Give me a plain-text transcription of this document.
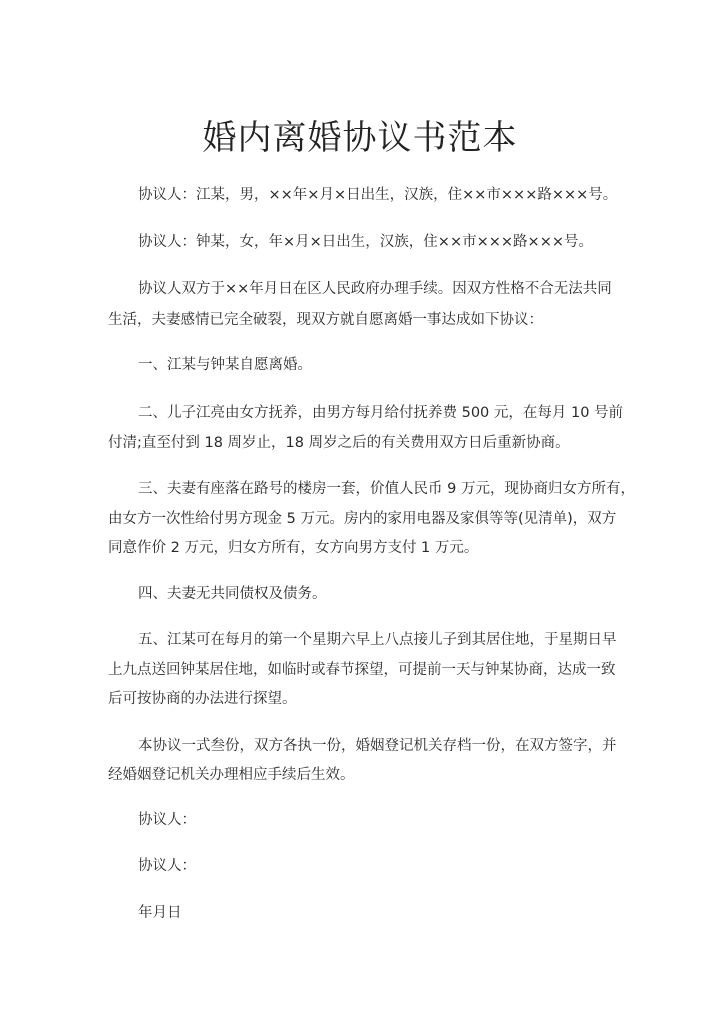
婚内离婚协议书范本
协议人：江某，男，××年×月×日出生，汉族，住××市×××路×××号。
协议人：钟某，女，年×月×日出生，汉族，住××市×××路×××号。
协议人双方于××年月日在区人民政府办理手续。因双方性格不合无法共同
生活，夫妻感情已完全破裂，现双方就自愿离婚一事达成如下协议：
一、江某与钟某自愿离婚。
二、儿子江亮由女方抚养，由男方每月给付抚养费 500 元，在每月 10 号前
付清;直至付到 18 周岁止，18 周岁之后的有关费用双方日后重新协商。
三、夫妻有座落在路号的楼房一套，价值人民币 9 万元，现协商归女方所有，
由女方一次性给付男方现金 5 万元。房内的家用电器及家俱等等(见清单)，双方
同意作价 2 万元，归女方所有，女方向男方支付 1 万元。
四、夫妻无共同债权及债务。
五、江某可在每月的第一个星期六早上八点接儿子到其居住地，于星期日早
上九点送回钟某居住地，如临时或春节探望，可提前一天与钟某协商，达成一致
后可按协商的办法进行探望。
本协议一式叁份，双方各执一份，婚姻登记机关存档一份，在双方签字，并
经婚姻登记机关办理相应手续后生效。
协议人：
协议人：
年月日
